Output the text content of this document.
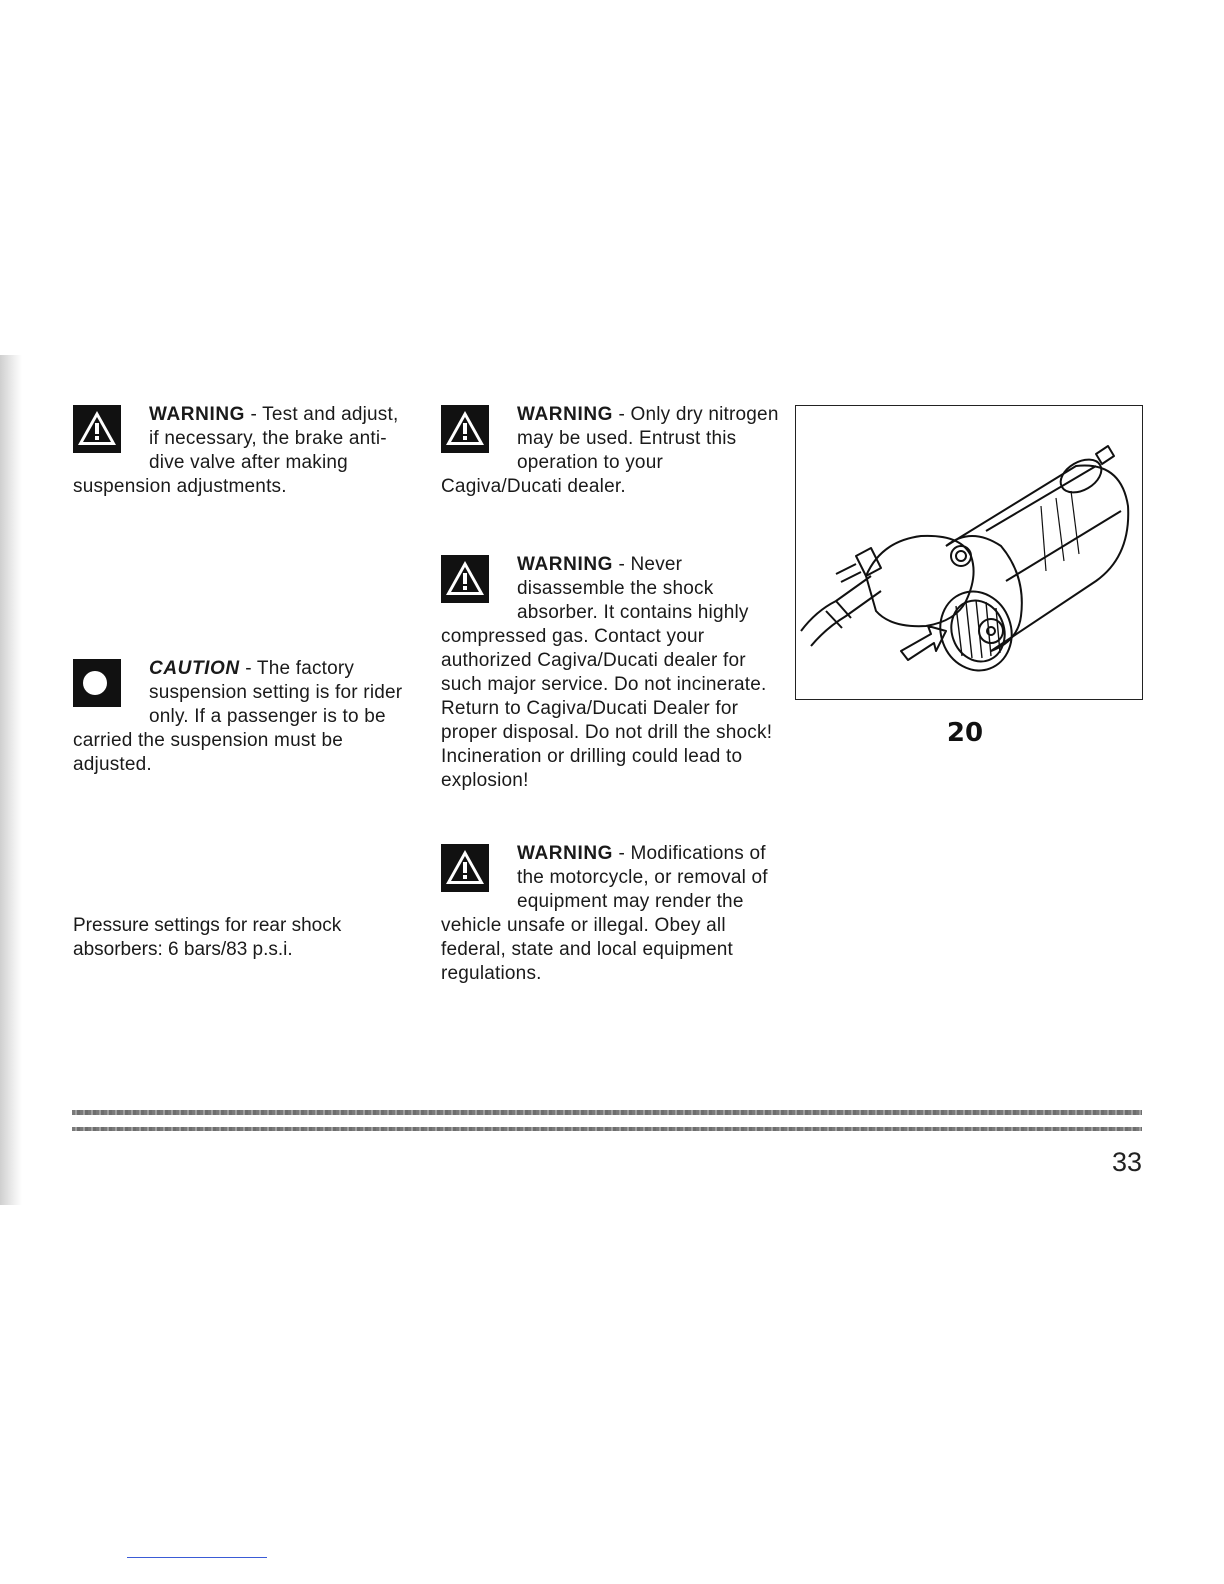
WARNING - Test and adjust, if necessary, the brake anti-dive valve after making suspension adjustments.
CAUTION - The factory suspension setting is for rider only. If a passenger is to be carried the suspension must be adjusted.
Pressure settings for rear shock absorbers: 6 bars/83 p.s.i.
WARNING - Only dry nitrogen may be used. Entrust this operation to your Cagiva/Ducati dealer.
WARNING - Never disassemble the shock absorber. It contains highly compressed gas. Contact your authorized Cagiva/Ducati dealer for such major service. Do not incinerate. Return to Cagiva/Ducati Dealer for proper disposal. Do not drill the shock! Incineration or drilling could lead to explosion!
WARNING - Modifications of the motorcycle, or removal of equipment may render the vehicle unsafe or illegal. Obey all federal, state and local equipment regulations.
20
33
